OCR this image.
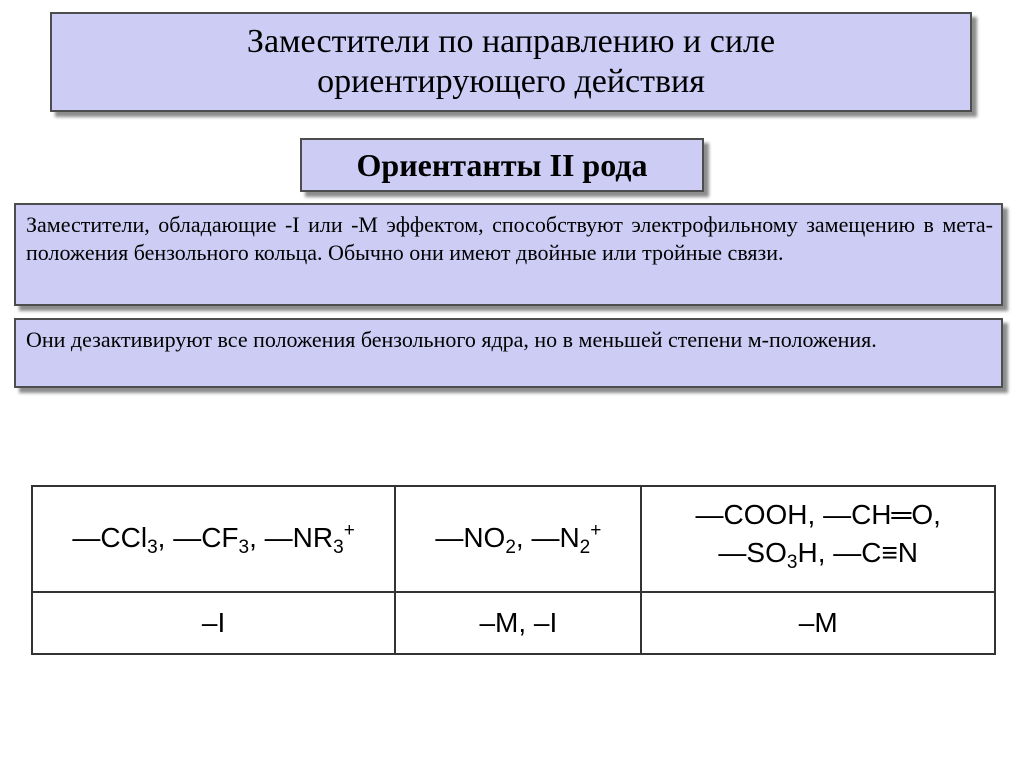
Заместители по направлению и силе
ориентирующего действия
Ориентанты II рода
Заместители, обладающие -I или -М эффектом, способствуют электрофильному замещению в мета-положения бензольного кольца. Обычно они имеют двойные или тройные связи.
Они дезактивируют все положения бензольного ядра, но в меньшей степени м-положения.
—CCl$_3$, $—CF_3$, $—NR_3^+$	$—NO_2$, $—N_2^+$	—COOH, —CH═O,
$—SO_3H$, —C≡N

–I	–M, –I	–M
